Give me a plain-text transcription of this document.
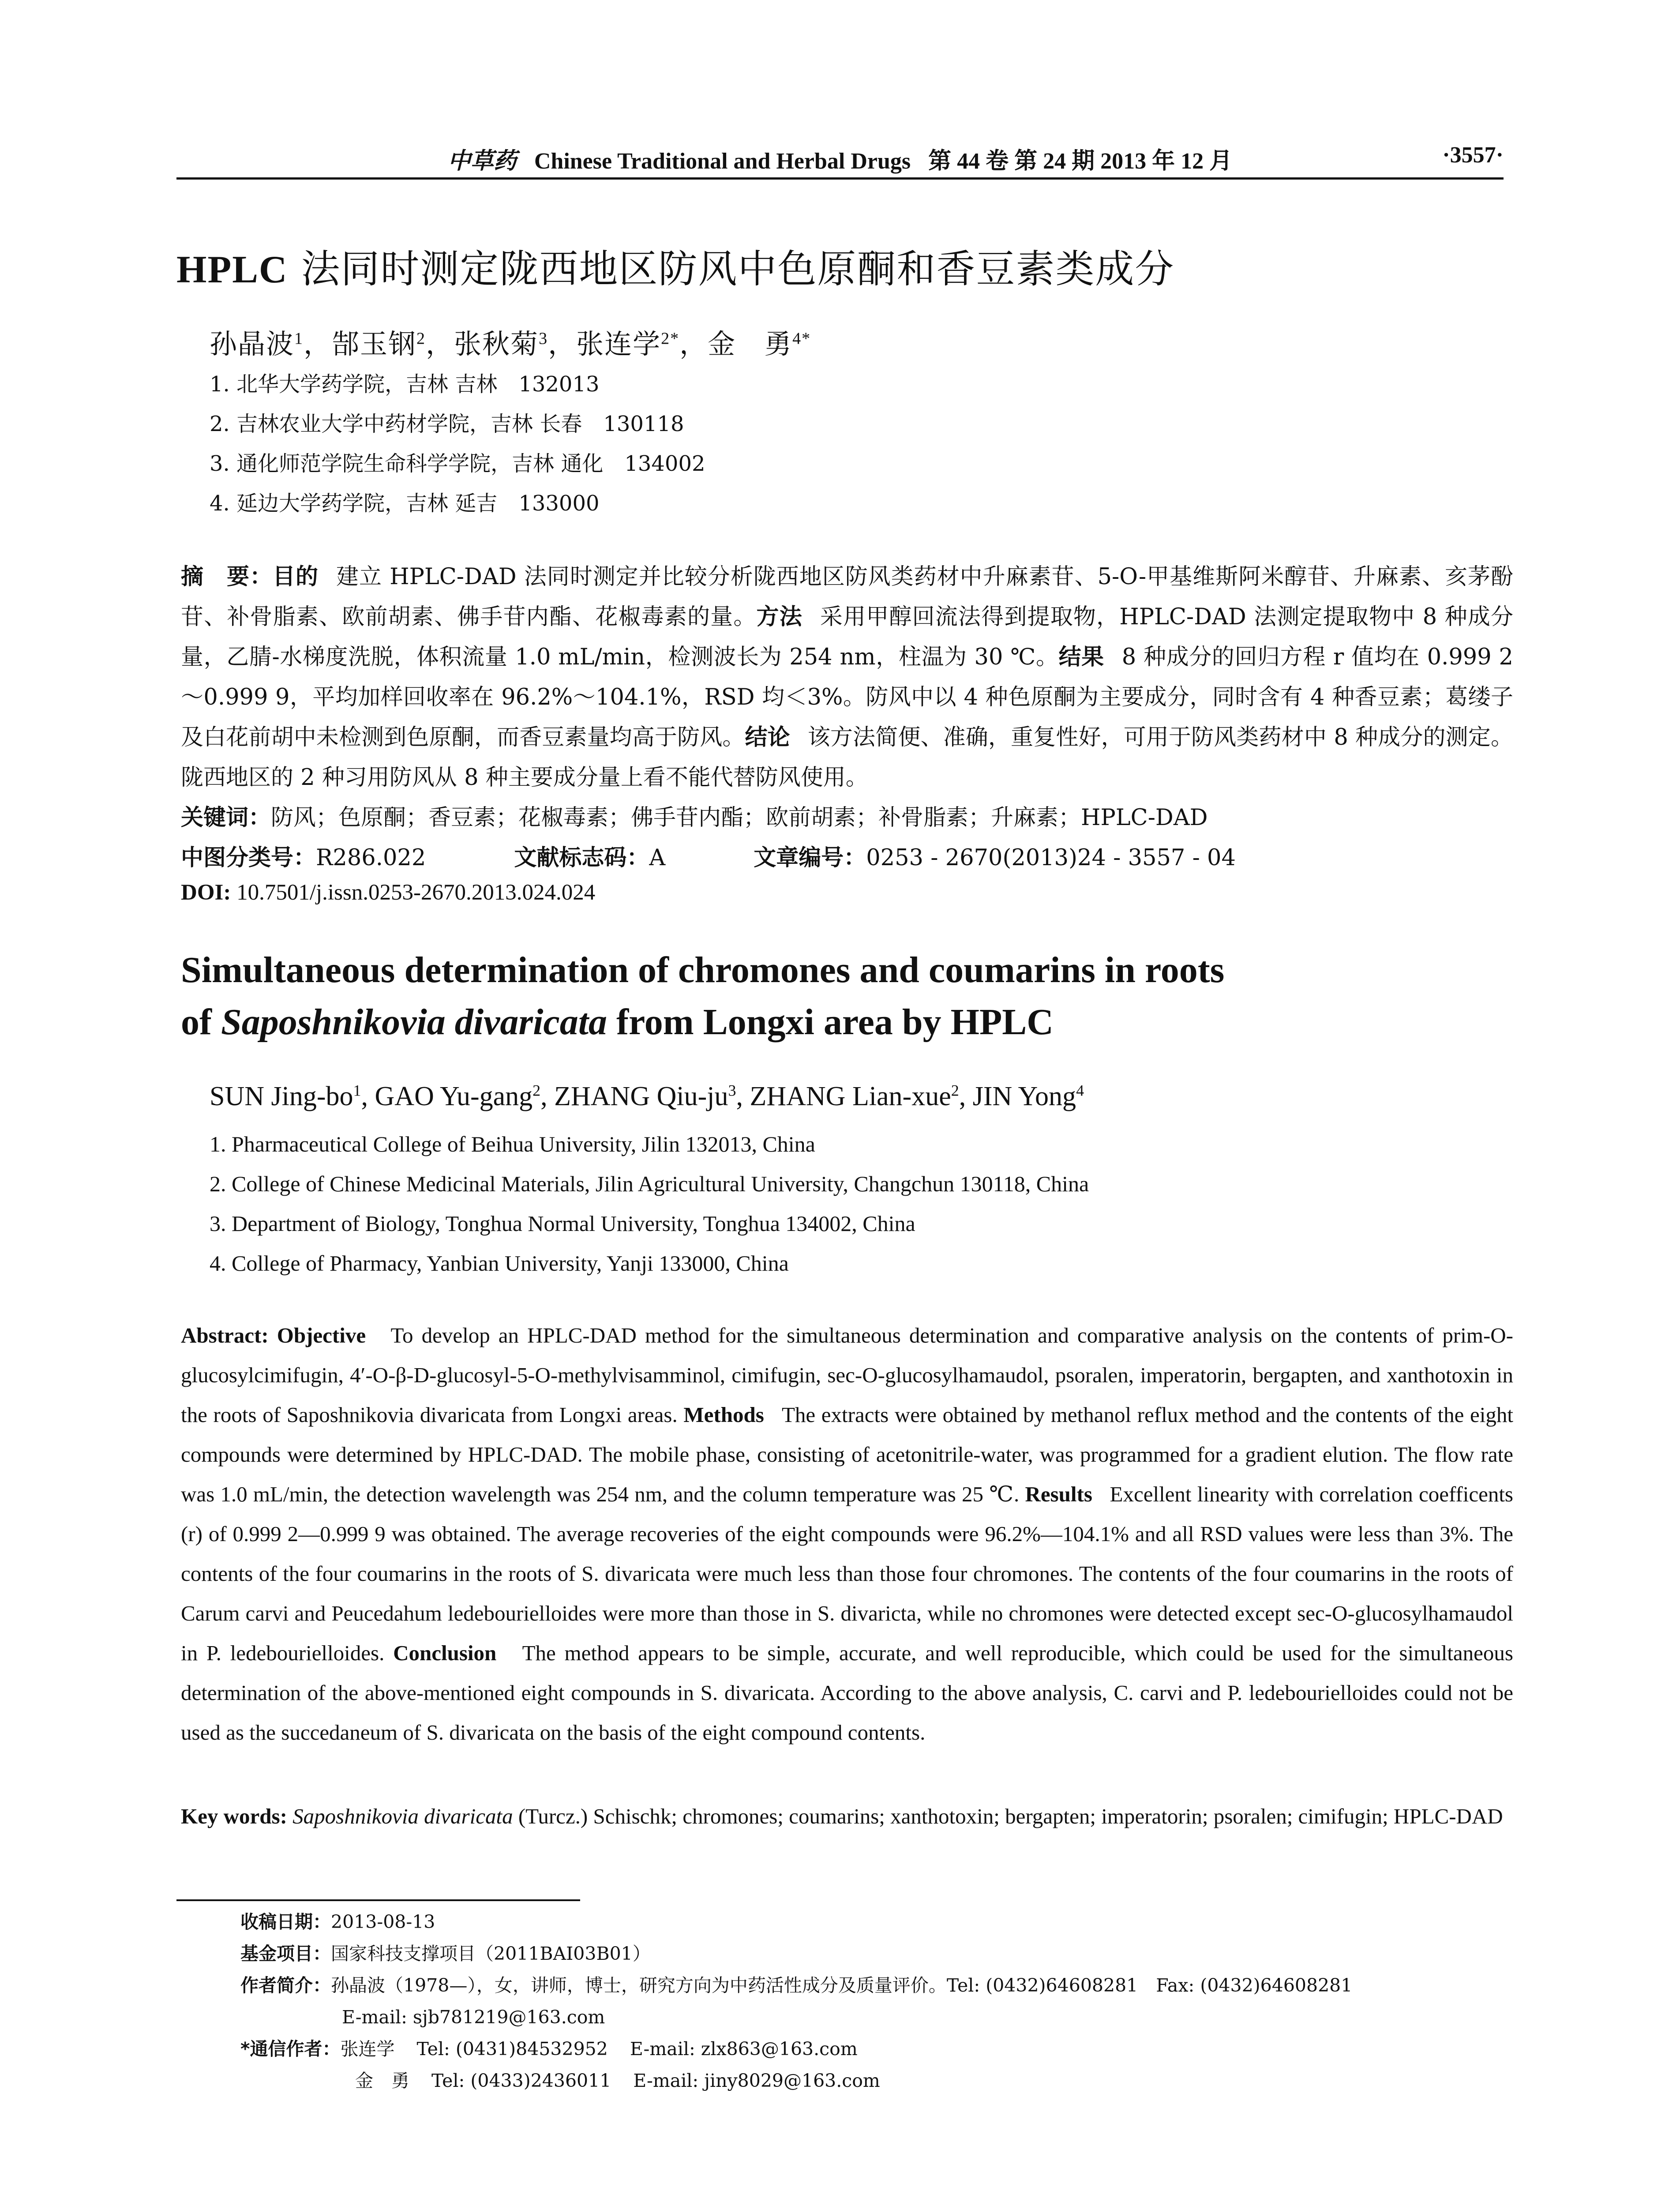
中草药 Chinese Traditional and Herbal Drugs 第 44 卷 第 24 期 2013 年 12 月	·3557·
HPLC 法同时测定陇西地区防风中色原酮和香豆素类成分
孙晶波$^1$，郜玉钢$^2$，张秋菊$^3$，张连学$^{2*}$，金　勇$^{4*}$
1. 北华大学药学院，吉林 吉林　132013
2. 吉林农业大学中药材学院，吉林 长春　130118
3. 通化师范学院生命科学学院，吉林 通化　134002
4. 延边大学药学院，吉林 延吉　133000
摘　要：目的 建立 HPLC-DAD 法同时测定并比较分析陇西地区防风类药材中升麻素苷、5-O-甲基维斯阿米醇苷、升麻素、亥茅酚苷、补骨脂素、欧前胡素、佛手苷内酯、花椒毒素的量。方法 采用甲醇回流法得到提取物，HPLC-DAD 法测定提取物中 8 种成分量，乙腈-水梯度洗脱，体积流量 1.0 mL/min，检测波长为 254 nm，柱温为 30 ℃。结果 8 种成分的回归方程 r 值均在 0.999 2～0.999 9，平均加样回收率在 96.2%～104.1%，RSD 均＜3%。防风中以 4 种色原酮为主要成分，同时含有 4 种香豆素；葛缕子及白花前胡中未检测到色原酮，而香豆素量均高于防风。结论 该方法简便、准确，重复性好，可用于防风类药材中 8 种成分的测定。陇西地区的 2 种习用防风从 8 种主要成分量上看不能代替防风使用。
关键词：防风；色原酮；香豆素；花椒毒素；佛手苷内酯；欧前胡素；补骨脂素；升麻素；HPLC-DAD
中图分类号：R286.022	文献标志码：A	文章编号：0253 - 2670(2013)24 - 3557 - 04
DOI: 10.7501/j.issn.0253-2670.2013.024.024
Simultaneous determination of chromones and coumarins in roots
of Saposhnikovia divaricata from Longxi area by HPLC
SUN Jing-$bo^1$, GAO Yu-gang$^2$, ZHANG Qiu-$ju^3$, ZHANG Lian-xue$^2$, JIN Yong$^4$
1. Pharmaceutical College of Beihua University, Jilin 132013, China
2. College of Chinese Medicinal Materials, Jilin Agricultural University, Changchun 130118, China
3. Department of Biology, Tonghua Normal University, Tonghua 134002, China
4. College of Pharmacy, Yanbian University, Yanji 133000, China
Abstract: Objective To develop an HPLC-DAD method for the simultaneous determination and comparative analysis on the contents of prim-O-glucosylcimifugin, 4′-O-β-D-glucosyl-5-O-methylvisamminol, cimifugin, sec-O-glucosylhamaudol, psoralen, imperatorin, bergapten, and xanthotoxin in the roots of Saposhnikovia divaricata from Longxi areas. Methods The extracts were obtained by methanol reflux method and the contents of the eight compounds were determined by HPLC-DAD. The mobile phase, consisting of acetonitrile-water, was programmed for a gradient elution. The flow rate was 1.0 mL/min, the detection wavelength was 254 nm, and the column temperature was 25 ℃. Results Excellent linearity with correlation coefficents (r) of 0.999 2—0.999 9 was obtained. The average recoveries of the eight compounds were 96.2%—104.1% and all RSD values were less than 3%. The contents of the four coumarins in the roots of S. divaricata were much less than those four chromones. The contents of the four coumarins in the roots of Carum carvi and Peucedahum ledebourielloides were more than those in S. divaricta, while no chromones were detected except sec-O-glucosylhamaudol in P. ledebourielloides. Conclusion The method appears to be simple, accurate, and well reproducible, which could be used for the simultaneous determination of the above-mentioned eight compounds in S. divaricata. According to the above analysis, C. carvi and P. ledebourielloides could not be used as the succedaneum of S. divaricata on the basis of the eight compound contents.
Key words: Saposhnikovia divaricata (Turcz.) Schischk; chromones; coumarins; xanthotoxin; bergapten; imperatorin; psoralen; cimifugin; HPLC-DAD
收稿日期：2013-08-13
基金项目：国家科技支撑项目（2011BAI03B01）
作者简介：孙晶波（1978—），女，讲师，博士，研究方向为中药活性成分及质量评价。Tel: (0432)64608281　Fax: (0432)64608281
E-mail: sjb781219@163.com
*通信作者：张连学 Tel: (0431)84532952 E-mail: zlx863@163.com
金　勇 Tel: (0433)2436011 E-mail: jiny8029@163.com
